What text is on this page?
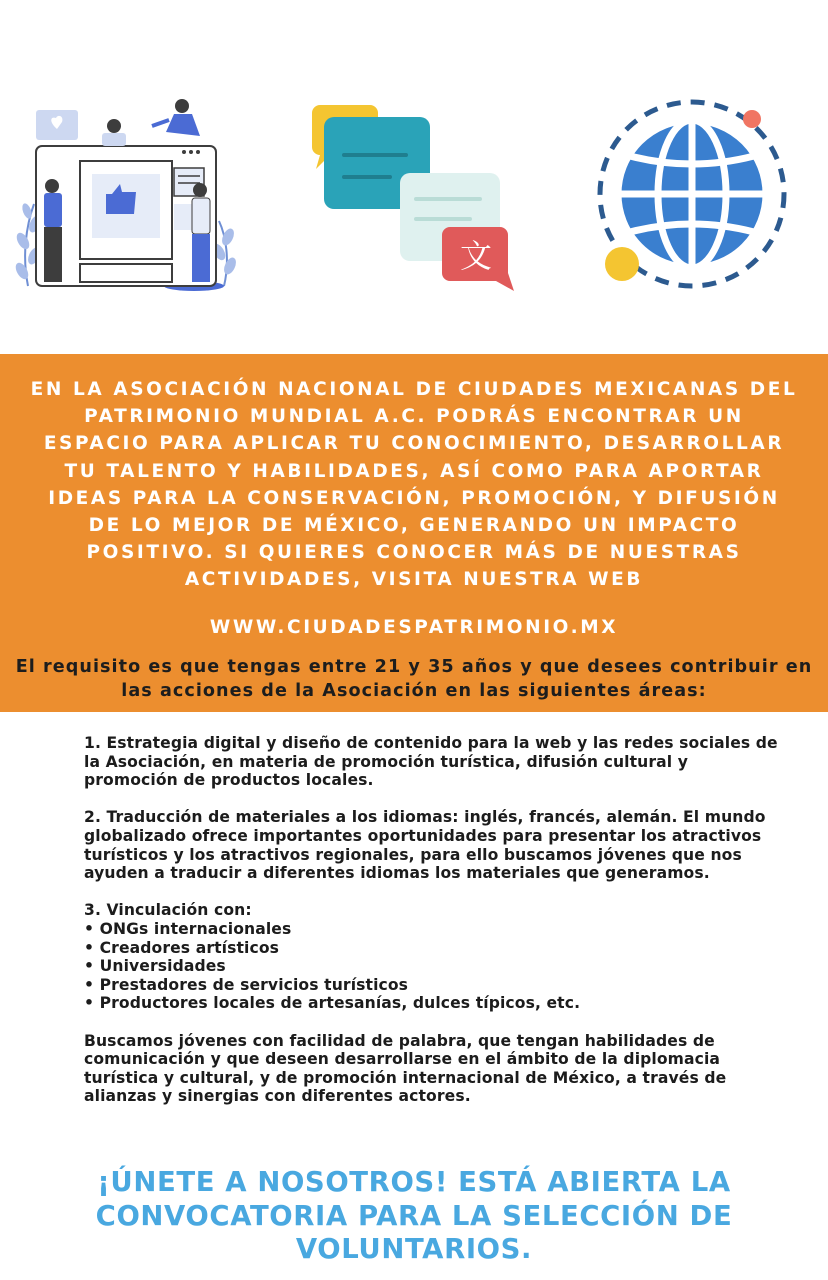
文
EN LA ASOCIACIÓN NACIONAL DE CIUDADES MEXICANAS DEL PATRIMONIO MUNDIAL A.C. PODRÁS ENCONTRAR UN ESPACIO PARA APLICAR TU CONOCIMIENTO, DESARROLLAR TU TALENTO Y HABILIDADES, ASÍ COMO PARA APORTAR IDEAS PARA LA CONSERVACIÓN, PROMOCIÓN, Y DIFUSIÓN DE LO MEJOR DE MÉXICO, GENERANDO UN IMPACTO POSITIVO. SI QUIERES CONOCER MÁS DE NUESTRAS ACTIVIDADES, VISITA NUESTRA WEB
WWW.CIUDADESPATRIMONIO.MX
El requisito es que tengas entre 21 y 35 años y que desees contribuir en las acciones de la Asociación en las siguientes áreas:

1. Estrategia digital y diseño de contenido para la web y las redes sociales de la Asociación, en materia de promoción turística, difusión cultural y promoción de productos locales.

2. Traducción de materiales a los idiomas: inglés, francés, alemán. El mundo globalizado ofrece importantes oportunidades para presentar los atractivos turísticos y los atractivos regionales, para ello buscamos jóvenes que nos ayuden a traducir a diferentes idiomas los materiales que generamos.

3. Vinculación con:

• ONGs internacionales
• Creadores artísticos
• Universidades
• Prestadores de servicios turísticos
• Productores locales de artesanías, dulces típicos, etc.

Buscamos jóvenes con facilidad de palabra, que tengan habilidades de comunicación y que deseen desarrollarse en el ámbito de la diplomacia turística y cultural, y de promoción internacional de México, a través de alianzas y sinergias con diferentes actores.

¡ÚNETE A NOSOTROS! ESTÁ ABIERTA LA CONVOCATORIA PARA LA SELECCIÓN DE VOLUNTARIOS.
